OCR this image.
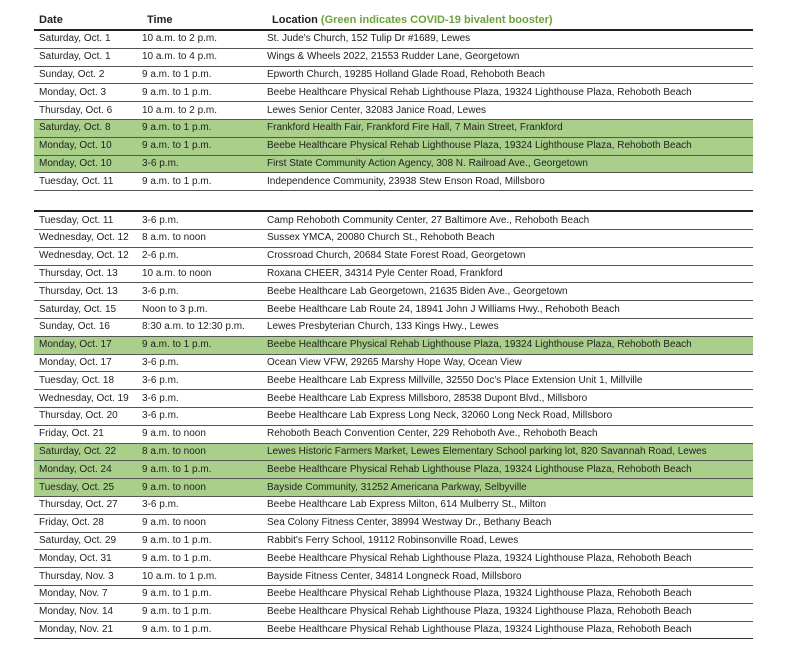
Date	Time	Location (Green indicates COVID-19 bivalent booster)
Saturday, Oct. 1	10 a.m. to 2 p.m.	St. Jude's Church, 152 Tulip Dr #1689, Lewes
Saturday, Oct. 1	10 a.m. to 4 p.m.	Wings & Wheels 2022, 21553 Rudder Lane, Georgetown
Sunday, Oct. 2	9 a.m. to 1 p.m.	Epworth Church, 19285 Holland Glade Road, Rehoboth Beach
Monday, Oct. 3	9 a.m. to 1 p.m.	Beebe Healthcare Physical Rehab Lighthouse Plaza, 19324 Lighthouse Plaza, Rehoboth Beach
Thursday, Oct. 6	10 a.m. to 2 p.m.	Lewes Senior Center, 32083 Janice Road, Lewes
Saturday, Oct. 8	9 a.m. to 1 p.m.	Frankford Health Fair, Frankford Fire Hall, 7 Main Street, Frankford
Monday, Oct. 10	9 a.m. to 1 p.m.	Beebe Healthcare Physical Rehab Lighthouse Plaza, 19324 Lighthouse Plaza, Rehoboth Beach
Monday, Oct. 10	3-6 p.m.	First State Community Action Agency, 308 N. Railroad Ave., Georgetown
Tuesday, Oct. 11	9 a.m. to 1 p.m.	Independence Community, 23938 Stew Enson Road, Millsboro
Tuesday, Oct. 11	3-6 p.m.	Camp Rehoboth Community Center, 27 Baltimore Ave., Rehoboth Beach
Wednesday, Oct. 12	8 a.m. to noon	Sussex YMCA, 20080 Church St., Rehoboth Beach
Wednesday, Oct. 12	2-6 p.m.	Crossroad Church, 20684 State Forest Road, Georgetown
Thursday, Oct. 13	10 a.m. to noon	Roxana CHEER, 34314 Pyle Center Road, Frankford
Thursday, Oct. 13	3-6 p.m.	Beebe Healthcare Lab Georgetown, 21635 Biden Ave., Georgetown
Saturday, Oct. 15	Noon to 3 p.m.	Beebe Healthcare Lab Route 24, 18941 John J Williams Hwy., Rehoboth Beach
Sunday, Oct. 16	8:30 a.m. to 12:30 p.m.	Lewes Presbyterian Church, 133 Kings Hwy., Lewes
Monday, Oct. 17	9 a.m. to 1 p.m.	Beebe Healthcare Physical Rehab Lighthouse Plaza, 19324 Lighthouse Plaza, Rehoboth Beach
Monday, Oct. 17	3-6 p.m.	Ocean View VFW, 29265 Marshy Hope Way, Ocean View
Tuesday, Oct. 18	3-6 p.m.	Beebe Healthcare Lab Express Millville, 32550 Doc's Place Extension Unit 1, Millville
Wednesday, Oct. 19	3-6 p.m.	Beebe Healthcare Lab Express Millsboro, 28538 Dupont Blvd., Millsboro
Thursday, Oct. 20	3-6 p.m.	Beebe Healthcare Lab Express Long Neck, 32060 Long Neck Road, Millsboro
Friday, Oct. 21	9 a.m. to noon	Rehoboth Beach Convention Center, 229 Rehoboth Ave., Rehoboth Beach
Saturday, Oct. 22	8 a.m. to noon	Lewes Historic Farmers Market, Lewes Elementary School parking lot, 820 Savannah Road, Lewes
Monday, Oct. 24	9 a.m. to 1 p.m.	Beebe Healthcare Physical Rehab Lighthouse Plaza, 19324 Lighthouse Plaza, Rehoboth Beach
Tuesday, Oct. 25	9 a.m. to noon	Bayside Community, 31252 Americana Parkway, Selbyville
Thursday, Oct. 27	3-6 p.m.	Beebe Healthcare Lab Express Milton, 614 Mulberry St., Milton
Friday, Oct. 28	9 a.m. to noon	Sea Colony Fitness Center, 38994 Westway Dr., Bethany Beach
Saturday, Oct. 29	9 a.m. to 1 p.m.	Rabbit's Ferry School, 19112 Robinsonville Road, Lewes
Monday, Oct. 31	9 a.m. to 1 p.m.	Beebe Healthcare Physical Rehab Lighthouse Plaza, 19324 Lighthouse Plaza, Rehoboth Beach
Thursday, Nov. 3	10 a.m. to 1 p.m.	Bayside Fitness Center, 34814 Longneck Road, Millsboro
Monday, Nov. 7	9 a.m. to 1 p.m.	Beebe Healthcare Physical Rehab Lighthouse Plaza, 19324 Lighthouse Plaza, Rehoboth Beach
Monday, Nov. 14	9 a.m. to 1 p.m.	Beebe Healthcare Physical Rehab Lighthouse Plaza, 19324 Lighthouse Plaza, Rehoboth Beach
Monday, Nov. 21	9 a.m. to 1 p.m.	Beebe Healthcare Physical Rehab Lighthouse Plaza, 19324 Lighthouse Plaza, Rehoboth Beach
